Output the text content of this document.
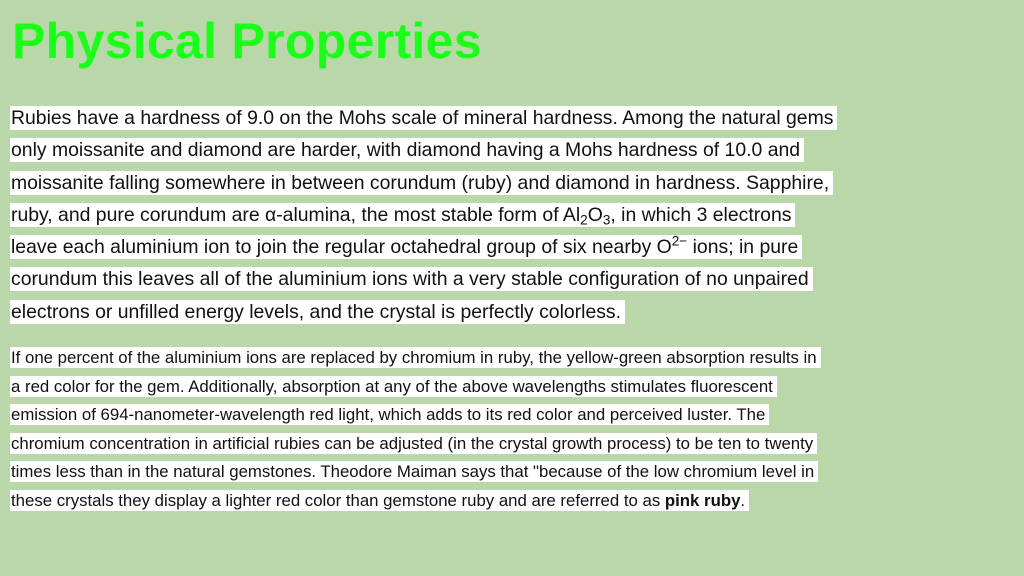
Physical Properties
Rubies have a hardness of 9.0 on the Mohs scale of mineral hardness. Among the natural gems
only moissanite and diamond are harder, with diamond having a Mohs hardness of 10.0 and
moissanite falling somewhere in between corundum (ruby) and diamond in hardness. Sapphire,
ruby, and pure corundum are α-alumina, the most stable form of $Al_2O_3$, in which 3 electrons
leave each aluminium ion to join the regular octahedral group of six nearby $O^{2-}$ ions; in pure
corundum this leaves all of the aluminium ions with a very stable configuration of no unpaired
electrons or unfilled energy levels, and the crystal is perfectly colorless.
If one percent of the aluminium ions are replaced by chromium in ruby, the yellow-green absorption results in
a red color for the gem. Additionally, absorption at any of the above wavelengths stimulates fluorescent
emission of 694-nanometer-wavelength red light, which adds to its red color and perceived luster. The
chromium concentration in artificial rubies can be adjusted (in the crystal growth process) to be ten to twenty
times less than in the natural gemstones. Theodore Maiman says that "because of the low chromium level in
these crystals they display a lighter red color than gemstone ruby and are referred to as pink ruby.
